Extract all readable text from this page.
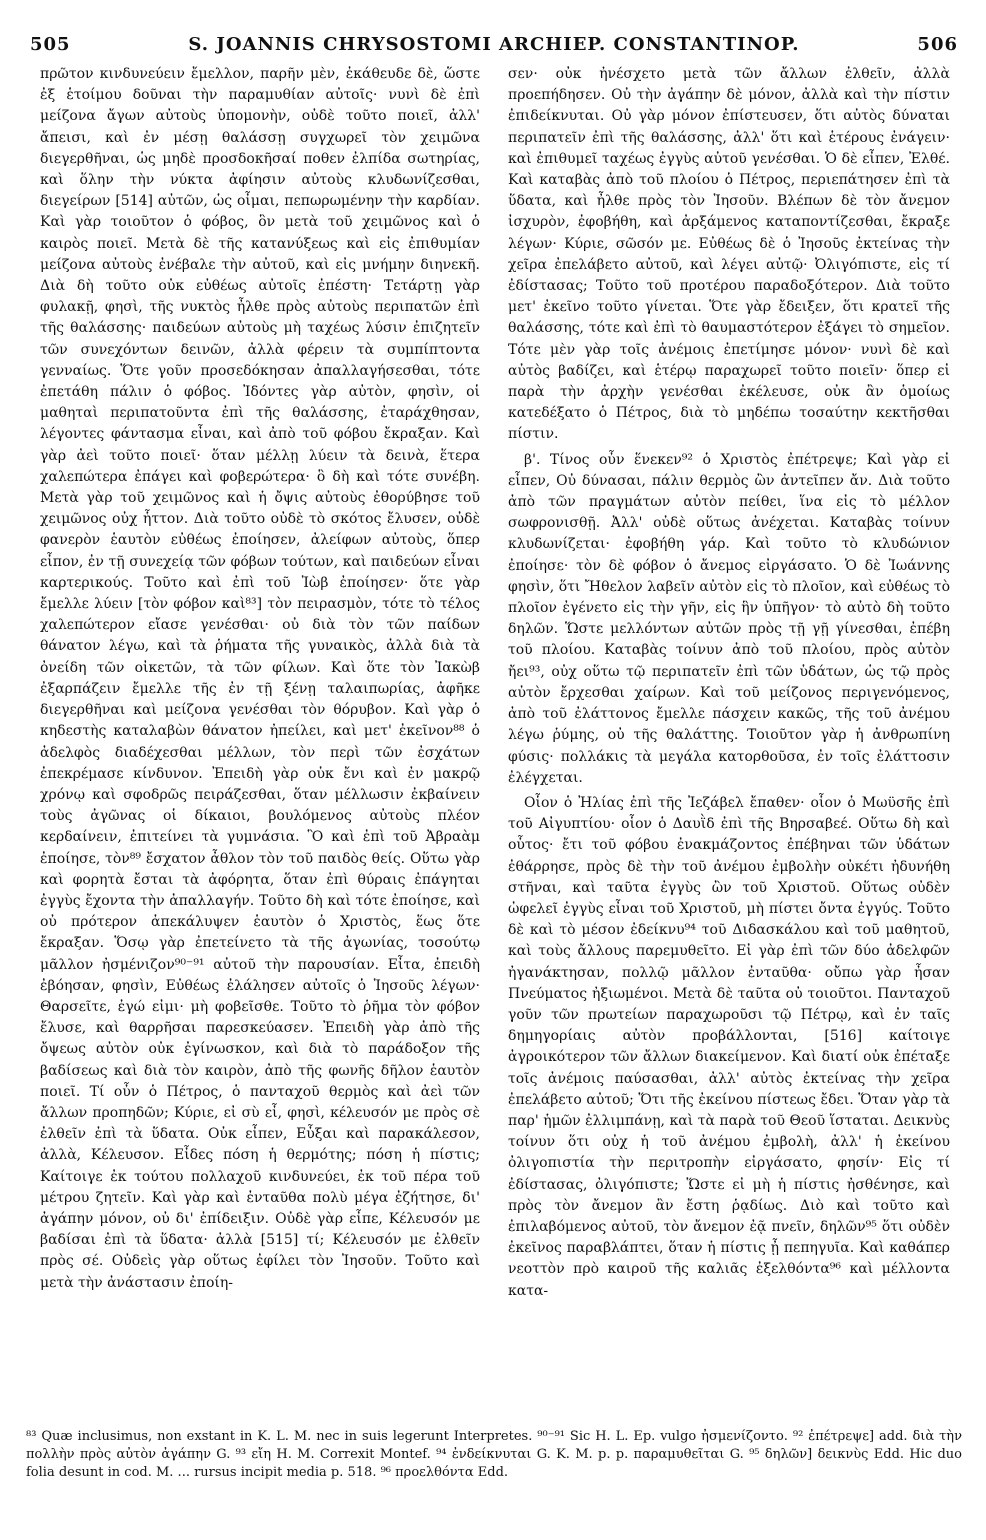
505	S. JOANNIS CHRYSOSTOMI ARCHIEP. CONSTANTINOP.	506

πρῶτον κινδυνεύειν ἔμελλον, παρῆν μὲν, ἐκάθευδε δὲ, ὥστε ἐξ ἑτοίμου δοῦναι τὴν παραμυθίαν αὐτοῖς· νυνὶ δὲ ἐπὶ μείζονα ἄγων αὐτοὺς ὑπομονὴν, οὐδὲ τοῦτο ποιεῖ, ἀλλ' ἄπεισι, καὶ ἐν μέσῃ θαλάσσῃ συγχωρεῖ τὸν χειμῶνα διεγερθῆναι, ὡς μηδὲ προσδοκῆσαί ποθεν ἐλπίδα σωτηρίας, καὶ ὅλην τὴν νύκτα ἀφίησιν αὐτοὺς κλυδωνίζεσθαι, διεγείρων [514] αὐτῶν, ὡς οἶμαι, πεπωρωμένην τὴν καρδίαν. Καὶ γὰρ τοιοῦτον ὁ φόβος, ὃν μετὰ τοῦ χειμῶνος καὶ ὁ καιρὸς ποιεῖ. Μετὰ δὲ τῆς κατανύξεως καὶ εἰς ἐπιθυμίαν μείζονα αὐτοὺς ἐνέβαλε τὴν αὐτοῦ, καὶ εἰς μνήμην διηνεκῆ. Διὰ δὴ τοῦτο οὐκ εὐθέως αὐτοῖς ἐπέστη· Τετάρτῃ γὰρ φυλακῇ, φησὶ, τῆς νυκτὸς ἦλθε πρὸς αὐτοὺς περιπατῶν ἐπὶ τῆς θαλάσσης· παιδεύων αὐτοὺς μὴ ταχέως λύσιν ἐπιζητεῖν τῶν συνεχόντων δεινῶν, ἀλλὰ φέρειν τὰ συμπίπτοντα γενναίως. Ὅτε γοῦν προσεδόκησαν ἀπαλλαγήσεσθαι, τότε ἐπετάθη πάλιν ὁ φόβος. Ἰδόντες γὰρ αὐτὸν, φησὶν, οἱ μαθηταὶ περιπατοῦντα ἐπὶ τῆς θαλάσσης, ἐταράχθησαν, λέγοντες φάντασμα εἶναι, καὶ ἀπὸ τοῦ φόβου ἔκραξαν. Καὶ γὰρ ἀεὶ τοῦτο ποιεῖ· ὅταν μέλλῃ λύειν τὰ δεινὰ, ἕτερα χαλεπώτερα ἐπάγει καὶ φοβερώτερα· ὃ δὴ καὶ τότε συνέβη. Μετὰ γὰρ τοῦ χειμῶνος καὶ ἡ ὄψις αὐτοὺς ἐθορύβησε τοῦ χειμῶνος οὐχ ἧττον. Διὰ τοῦτο οὐδὲ τὸ σκότος ἔλυσεν, οὐδὲ φανερὸν ἑαυτὸν εὐθέως ἐποίησεν, ἀλείφων αὐτοὺς, ὅπερ εἶπον, ἐν τῇ συνεχείᾳ τῶν φόβων τούτων, καὶ παιδεύων εἶναι καρτερικούς. Τοῦτο καὶ ἐπὶ τοῦ Ἰὼβ ἐποίησεν· ὅτε γὰρ ἔμελλε λύειν [τὸν φόβον καὶ⁸³] τὸν πειρασμὸν, τότε τὸ τέλος χαλεπώτερον εἴασε γενέσθαι· οὐ διὰ τὸν τῶν παίδων θάνατον λέγω, καὶ τὰ ῥήματα τῆς γυναικὸς, ἀλλὰ διὰ τὰ ὀνείδη τῶν οἰκετῶν, τὰ τῶν φίλων. Καὶ ὅτε τὸν Ἰακὼβ ἐξαρπάζειν ἔμελλε τῆς ἐν τῇ ξένῃ ταλαιπωρίας, ἀφῆκε διεγερθῆναι καὶ μείζονα γενέσθαι τὸν θόρυβον. Καὶ γὰρ ὁ κηδεστὴς καταλαβὼν θάνατον ἠπείλει, καὶ μετ' ἐκεῖνον⁸⁸ ὁ ἀδελφὸς διαδέχεσθαι μέλλων, τὸν περὶ τῶν ἐσχάτων ἐπεκρέμασε κίνδυνον. Ἐπειδὴ γὰρ οὐκ ἔνι καὶ ἐν μακρῷ χρόνῳ καὶ σφοδρῶς πειράζεσθαι, ὅταν μέλλωσιν ἐκβαίνειν τοὺς ἀγῶνας οἱ δίκαιοι, βουλόμενος αὐτοὺς πλέον κερδαίνειν, ἐπιτείνει τὰ γυμνάσια. Ὃ καὶ ἐπὶ τοῦ Ἀβραὰμ ἐποίησε, τὸν⁸⁹ ἔσχατον ἆθλον τὸν τοῦ παιδὸς θείς. Οὕτω γὰρ καὶ φορητὰ ἔσται τὰ ἀφόρητα, ὅταν ἐπὶ θύραις ἐπάγηται ἐγγὺς ἔχοντα τὴν ἀπαλλαγήν. Τοῦτο δὴ καὶ τότε ἐποίησε, καὶ οὐ πρότερον ἀπεκάλυψεν ἑαυτὸν ὁ Χριστὸς, ἕως ὅτε ἔκραξαν. Ὅσῳ γὰρ ἐπετείνετο τὰ τῆς ἀγωνίας, τοσούτῳ μᾶλλον ἠσμένιζον⁹⁰⁻⁹¹ αὐτοῦ τὴν παρουσίαν. Εἶτα, ἐπειδὴ ἐβόησαν, φησὶν, Εὐθέως ἐλάλησεν αὐτοῖς ὁ Ἰησοῦς λέγων· Θαρσεῖτε, ἐγώ εἰμι· μὴ φοβεῖσθε. Τοῦτο τὸ ῥῆμα τὸν φόβον ἔλυσε, καὶ θαρρῆσαι παρεσκεύασεν. Ἐπειδὴ γὰρ ἀπὸ τῆς ὄψεως αὐτὸν οὐκ ἐγίνωσκον, καὶ διὰ τὸ παράδοξον τῆς βαδίσεως καὶ διὰ τὸν καιρὸν, ἀπὸ τῆς φωνῆς δῆλον ἑαυτὸν ποιεῖ. Τί οὖν ὁ Πέτρος, ὁ πανταχοῦ θερμὸς καὶ ἀεὶ τῶν ἄλλων προπηδῶν; Κύριε, εἰ σὺ εἶ, φησὶ, κέλευσόν με πρὸς σὲ ἐλθεῖν ἐπὶ τὰ ὕδατα. Οὐκ εἶπεν, Εὖξαι καὶ παρακάλεσον, ἀλλὰ, Κέλευσον. Εἶδες πόση ἡ θερμότης; πόση ἡ πίστις; Καίτοιγε ἐκ τούτου πολλαχοῦ κινδυνεύει, ἐκ τοῦ πέρα τοῦ μέτρου ζητεῖν. Καὶ γὰρ καὶ ἐνταῦθα πολὺ μέγα ἐζήτησε, δι' ἀγάπην μόνον, οὐ δι' ἐπίδειξιν. Οὐδὲ γὰρ εἶπε, Κέλευσόν με βαδίσαι ἐπὶ τὰ ὕδατα· ἀλλὰ [515] τί; Κέλευσόν με ἐλθεῖν πρὸς σέ. Οὐδεὶς γὰρ οὕτως ἐφίλει τὸν Ἰησοῦν. Τοῦτο καὶ μετὰ τὴν ἀνάστασιν ἐποίη-

σεν· οὐκ ἠνέσχετο μετὰ τῶν ἄλλων ἐλθεῖν, ἀλλὰ προεπήδησεν. Οὐ τὴν ἀγάπην δὲ μόνον, ἀλλὰ καὶ τὴν πίστιν ἐπιδείκνυται. Οὐ γὰρ μόνον ἐπίστευσεν, ὅτι αὐτὸς δύναται περιπατεῖν ἐπὶ τῆς θαλάσσης, ἀλλ' ὅτι καὶ ἑτέρους ἐνάγειν· καὶ ἐπιθυμεῖ ταχέως ἐγγὺς αὐτοῦ γενέσθαι. Ὁ δὲ εἶπεν, Ἐλθέ. Καὶ καταβὰς ἀπὸ τοῦ πλοίου ὁ Πέτρος, περιεπάτησεν ἐπὶ τὰ ὕδατα, καὶ ἦλθε πρὸς τὸν Ἰησοῦν. Βλέπων δὲ τὸν ἄνεμον ἰσχυρὸν, ἐφοβήθη, καὶ ἀρξάμενος καταποντίζεσθαι, ἔκραξε λέγων· Κύριε, σῶσόν με. Εὐθέως δὲ ὁ Ἰησοῦς ἐκτείνας τὴν χεῖρα ἐπελάβετο αὐτοῦ, καὶ λέγει αὐτῷ· Ὀλιγόπιστε, εἰς τί ἐδίστασας; Τοῦτο τοῦ προτέρου παραδοξότερον. Διὰ τοῦτο μετ' ἐκεῖνο τοῦτο γίνεται. Ὅτε γὰρ ἔδειξεν, ὅτι κρατεῖ τῆς θαλάσσης, τότε καὶ ἐπὶ τὸ θαυμαστότερον ἐξάγει τὸ σημεῖον. Τότε μὲν γὰρ τοῖς ἀνέμοις ἐπετίμησε μόνον· νυνὶ δὲ καὶ αὐτὸς βαδίζει, καὶ ἑτέρῳ παραχωρεῖ τοῦτο ποιεῖν· ὅπερ εἰ παρὰ τὴν ἀρχὴν γενέσθαι ἐκέλευσε, οὐκ ἂν ὁμοίως κατεδέξατο ὁ Πέτρος, διὰ τὸ μηδέπω τοσαύτην κεκτῆσθαι πίστιν.

β'. Τίνος οὖν ἕνεκεν⁹² ὁ Χριστὸς ἐπέτρεψε; Καὶ γὰρ εἰ εἶπεν, Οὐ δύνασαι, πάλιν θερμὸς ὢν ἀντεῖπεν ἄν. Διὰ τοῦτο ἀπὸ τῶν πραγμάτων αὐτὸν πείθει, ἵνα εἰς τὸ μέλλον σωφρονισθῇ. Ἀλλ' οὐδὲ οὕτως ἀνέχεται. Καταβὰς τοίνυν κλυδωνίζεται· ἐφοβήθη γάρ. Καὶ τοῦτο τὸ κλυδώνιον ἐποίησε· τὸν δὲ φόβον ὁ ἄνεμος εἰργάσατο. Ὁ δὲ Ἰωάννης φησὶν, ὅτι Ἤθελον λαβεῖν αὐτὸν εἰς τὸ πλοῖον, καὶ εὐθέως τὸ πλοῖον ἐγένετο εἰς τὴν γῆν, εἰς ἣν ὑπῆγον· τὸ αὐτὸ δὴ τοῦτο δηλῶν. Ὥστε μελλόντων αὐτῶν πρὸς τῇ γῇ γίνεσθαι, ἐπέβη τοῦ πλοίου. Καταβὰς τοίνυν ἀπὸ τοῦ πλοίου, πρὸς αὐτὸν ἤει⁹³, οὐχ οὕτω τῷ περιπατεῖν ἐπὶ τῶν ὑδάτων, ὡς τῷ πρὸς αὐτὸν ἔρχεσθαι χαίρων. Καὶ τοῦ μείζονος περιγενόμενος, ἀπὸ τοῦ ἐλάττονος ἔμελλε πάσχειν κακῶς, τῆς τοῦ ἀνέμου λέγω ῥύμης, οὐ τῆς θαλάττης. Τοιοῦτον γὰρ ἡ ἀνθρωπίνη φύσις· πολλάκις τὰ μεγάλα κατορθοῦσα, ἐν τοῖς ἐλάττοσιν ἐλέγχεται.

Οἷον ὁ Ἠλίας ἐπὶ τῆς Ἰεζάβελ ἔπαθεν· οἷον ὁ Μωϋσῆς ἐπὶ τοῦ Αἰγυπτίου· οἷον ὁ Δαυῒδ ἐπὶ τῆς Βηρσαβεέ. Οὕτω δὴ καὶ οὗτος· ἔτι τοῦ φόβου ἐνακμάζοντος ἐπέβηναι τῶν ὑδάτων ἐθάρρησε, πρὸς δὲ τὴν τοῦ ἀνέμου ἐμβολὴν οὐκέτι ἠδυνήθη στῆναι, καὶ ταῦτα ἐγγὺς ὢν τοῦ Χριστοῦ. Οὕτως οὐδὲν ὠφελεῖ ἐγγὺς εἶναι τοῦ Χριστοῦ, μὴ πίστει ὄντα ἐγγύς. Τοῦτο δὲ καὶ τὸ μέσον ἐδείκνυ⁹⁴ τοῦ Διδασκάλου καὶ τοῦ μαθητοῦ, καὶ τοὺς ἄλλους παρεμυθεῖτο. Εἰ γὰρ ἐπὶ τῶν δύο ἀδελφῶν ἠγανάκτησαν, πολλῷ μᾶλλον ἐνταῦθα· οὔπω γὰρ ἦσαν Πνεύματος ἠξιωμένοι. Μετὰ δὲ ταῦτα οὐ τοιοῦτοι. Πανταχοῦ γοῦν τῶν πρωτείων παραχωροῦσι τῷ Πέτρῳ, καὶ ἐν ταῖς δημηγορίαις αὐτὸν προβάλλονται, [516] καίτοιγε ἀγροικότερον τῶν ἄλλων διακείμενον. Καὶ διατί οὐκ ἐπέταξε τοῖς ἀνέμοις παύσασθαι, ἀλλ' αὐτὸς ἐκτείνας τὴν χεῖρα ἐπελάβετο αὐτοῦ; Ὅτι τῆς ἐκείνου πίστεως ἔδει. Ὅταν γὰρ τὰ παρ' ἡμῶν ἐλλιμπάνῃ, καὶ τὰ παρὰ τοῦ Θεοῦ ἵσταται. Δεικνὺς τοίνυν ὅτι οὐχ ἡ τοῦ ἀνέμου ἐμβολὴ, ἀλλ' ἡ ἐκείνου ὀλιγοπιστία τὴν περιτροπὴν εἰργάσατο, φησίν· Εἰς τί ἐδίστασας, ὀλιγόπιστε; Ὥστε εἰ μὴ ἡ πίστις ἠσθένησε, καὶ πρὸς τὸν ἄνεμον ἂν ἔστη ῥᾳδίως. Διὸ καὶ τοῦτο καὶ ἐπιλαβόμενος αὐτοῦ, τὸν ἄνεμον ἐᾷ πνεῖν, δηλῶν⁹⁵ ὅτι οὐδὲν ἐκεῖνος παραβλάπτει, ὅταν ἡ πίστις ᾖ πεπηγυῖα. Καὶ καθάπερ νεοττὸν πρὸ καιροῦ τῆς καλιᾶς ἐξελθόντα⁹⁶ καὶ μέλλοντα κατα-

⁸³ Quæ inclusimus, non exstant in K. L. M. nec in suis legerunt Interpretes. ⁹⁰⁻⁹¹ Sic H. L. Ep. vulgo ἠσμενίζοντο. ⁹² ἐπέτρεψε] add. διὰ τὴν πολλὴν πρὸς αὐτὸν ἀγάπην G. ⁹³ εἴη H. M. Correxit Montef. ⁹⁴ ἐνδείκνυται G. K. M. p. p. παραμυθεῖται G. ⁹⁵ δηλῶν] δεικνὺς Edd. Hic duo folia desunt in cod. M. ... rursus incipit media p. 518. ⁹⁶ προελθόντα Edd.
